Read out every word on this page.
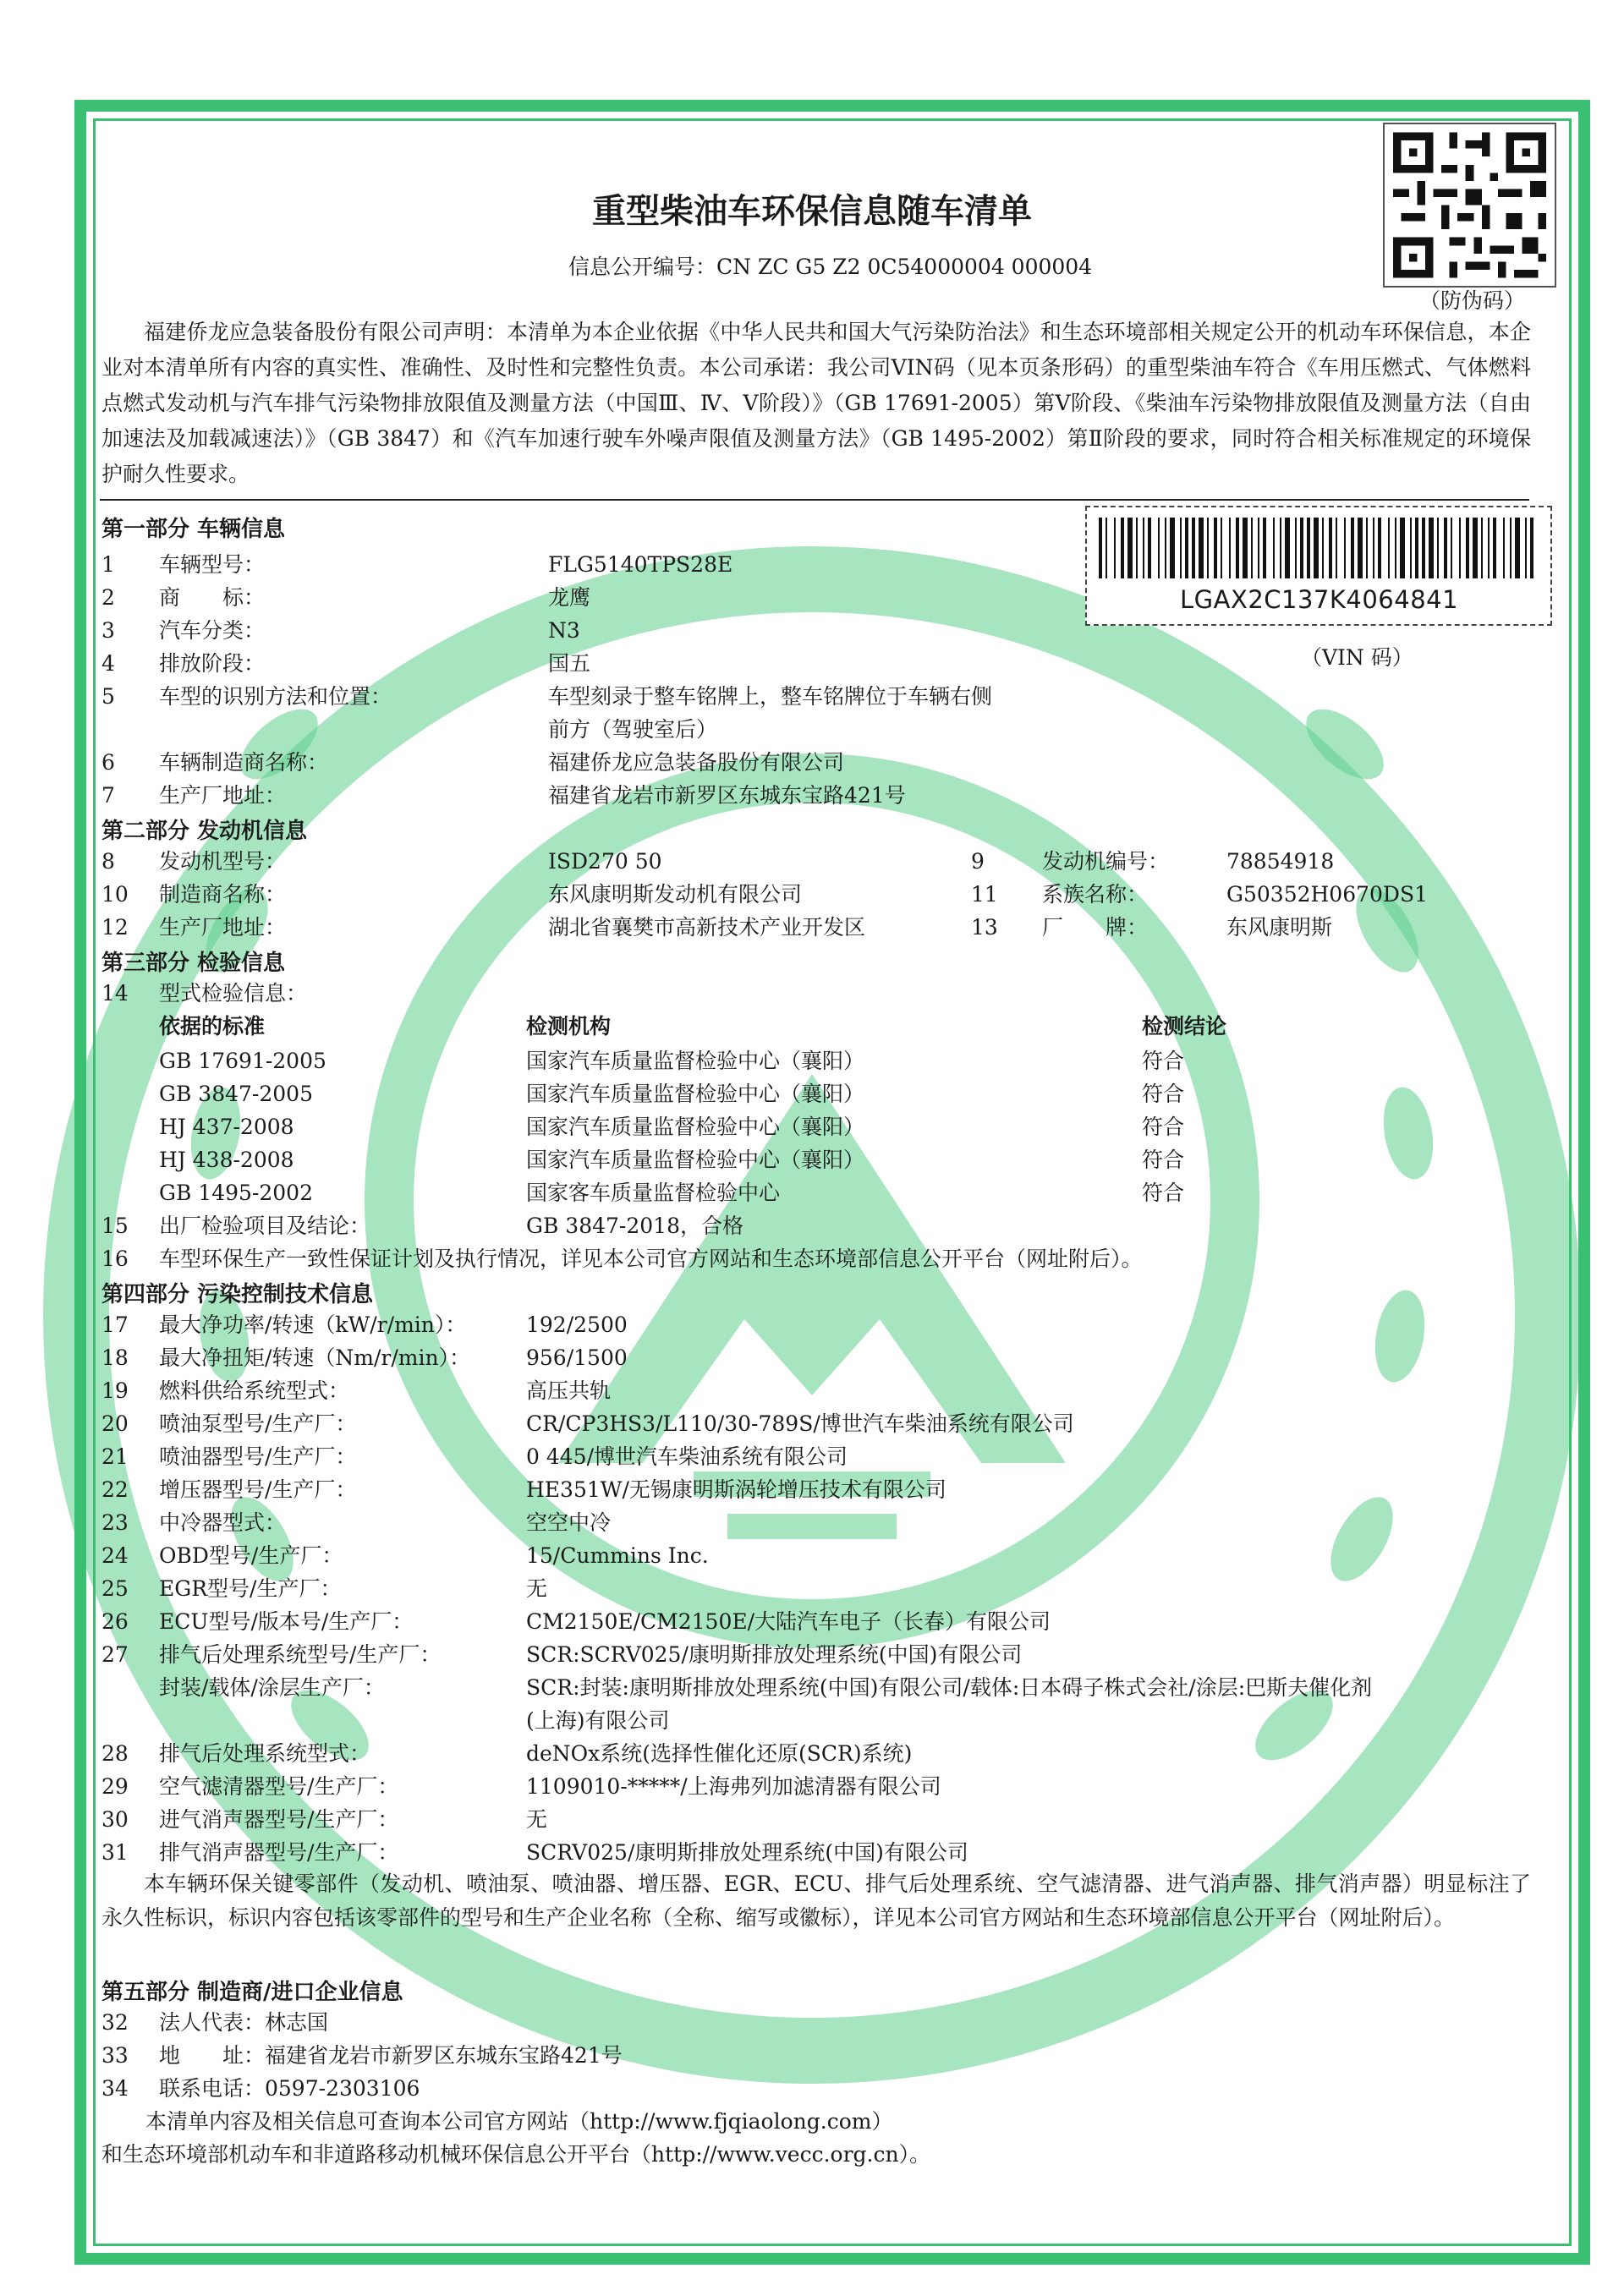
重型柴油车环保信息随车清单
信息公开编号：CN ZC G5 Z2 0C54000004 000004
（防伪码）
福建侨龙应急装备股份有限公司声明：本清单为本企业依据《中华人民共和国大气污染防治法》和生态环境部相关规定公开的机动车环保信息，本企业对本清单所有内容的真实性、准确性、及时性和完整性负责。本公司承诺：我公司VIN码（见本页条形码）的重型柴油车符合《车用压燃式、气体燃料点燃式发动机与汽车排气污染物排放限值及测量方法（中国Ⅲ、Ⅳ、Ⅴ阶段）》（GB 17691-2005）第Ⅴ阶段、《柴油车污染物排放限值及测量方法（自由加速法及加载减速法）》（GB 3847）和《汽车加速行驶车外噪声限值及测量方法》（GB 1495-2002）第Ⅱ阶段的要求，同时符合相关标准规定的环境保护耐久性要求。
LGAX2C137K4064841
（VIN 码）
第一部分 车辆信息
1 车辆型号：	FLG5140TPS28E
2 商　　标：	龙鹰
3 汽车分类：	N3
4 排放阶段：	国五
5 车型的识别方法和位置：	车型刻录于整车铭牌上，整车铭牌位于车辆右侧
前方（驾驶室后）
6 车辆制造商名称：	福建侨龙应急装备股份有限公司
7 生产厂地址：	福建省龙岩市新罗区东城东宝路421号
第二部分 发动机信息
8 发动机型号：	ISD270 50	9	发动机编号：	78854918
10 制造商名称：	东风康明斯发动机有限公司	11 系族名称：	G50352H0670DS1
12 生产厂地址：	湖北省襄樊市高新技术产业开发区	13 厂　　牌：	东风康明斯
第三部分 检验信息
14 型式检验信息：
依据的标准	检测机构	检测结论
GB 17691-2005	国家汽车质量监督检验中心（襄阳）	符合
GB 3847-2005	国家汽车质量监督检验中心（襄阳）	符合
HJ 437-2008	国家汽车质量监督检验中心（襄阳）	符合
HJ 438-2008	国家汽车质量监督检验中心（襄阳）	符合
GB 1495-2002	国家客车质量监督检验中心	符合
15 出厂检验项目及结论：	GB 3847-2018，合格
16 车型环保生产一致性保证计划及执行情况，详见本公司官方网站和生态环境部信息公开平台（网址附后）。
第四部分 污染控制技术信息
17 最大净功率/转速（kW/r/min）：	192/2500
18 最大净扭矩/转速（Nm/r/min）：	956/1500
19 燃料供给系统型式：	高压共轨
20 喷油泵型号/生产厂：	CR/CP3HS3/L110/30-789S/博世汽车柴油系统有限公司
21 喷油器型号/生产厂：	0 445/博世汽车柴油系统有限公司
22 增压器型号/生产厂：	HE351W/无锡康明斯涡轮增压技术有限公司
23 中冷器型式：	空空中冷
24 OBD型号/生产厂：	15/Cummins Inc.
25 EGR型号/生产厂：	无
26 ECU型号/版本号/生产厂：	CM2150E/CM2150E/大陆汽车电子（长春）有限公司
27 排气后处理系统型号/生产厂：	SCR:SCRV025/康明斯排放处理系统(中国)有限公司
封装/载体/涂层生产厂：	SCR:封装:康明斯排放处理系统(中国)有限公司/载体:日本碍子株式会社/涂层:巴斯夫催化剂
(上海)有限公司
28 排气后处理系统型式：	deNOx系统(选择性催化还原(SCR)系统)
29 空气滤清器型号/生产厂：	1109010-*****/上海弗列加滤清器有限公司
30 进气消声器型号/生产厂：	无
31 排气消声器型号/生产厂：	SCRV025/康明斯排放处理系统(中国)有限公司
本车辆环保关键零部件（发动机、喷油泵、喷油器、增压器、EGR、ECU、排气后处理系统、空气滤清器、进气消声器、排气消声器）明显标注了永久性标识，标识内容包括该零部件的型号和生产企业名称（全称、缩写或徽标），详见本公司官方网站和生态环境部信息公开平台（网址附后）。
第五部分 制造商/进口企业信息
32 法人代表：林志国
33 地　　址：福建省龙岩市新罗区东城东宝路421号
34 联系电话：0597-2303106
本清单内容及相关信息可查询本公司官方网站（http://www.fjqiaolong.com）
和生态环境部机动车和非道路移动机械环保信息公开平台（http://www.vecc.org.cn）。
